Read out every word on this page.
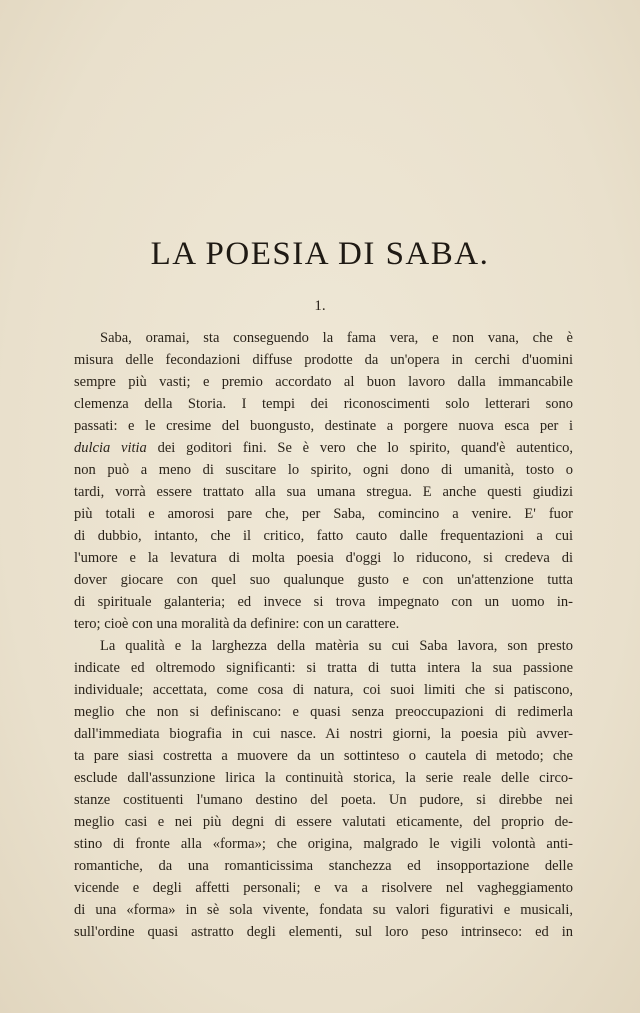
LA POESIA DI SABA.
1.
Saba, oramai, sta conseguendo la fama vera, e non vana, che è
misura delle fecondazioni diffuse prodotte da un'opera in cerchi d'uomini
sempre più vasti; e premio accordato al buon lavoro dalla immancabile
clemenza della Storia. I tempi dei riconoscimenti solo letterari sono
passati: e le cresime del buongusto, destinate a porgere nuova esca per i
dulcia vitia dei goditori fini. Se è vero che lo spirito, quand'è autentico,
non può a meno di suscitare lo spirito, ogni dono di umanità, tosto o
tardi, vorrà essere trattato alla sua umana stregua. E anche questi giudizi
più totali e amorosi pare che, per Saba, comincino a venire. E' fuor
di dubbio, intanto, che il critico, fatto cauto dalle frequentazioni a cui
l'umore e la levatura di molta poesia d'oggi lo riducono, si credeva di
dover giocare con quel suo qualunque gusto e con un'attenzione tutta
di spirituale galanteria; ed invece si trova impegnato con un uomo in-
tero; cioè con una moralità da definire: con un carattere.
La qualità e la larghezza della matèria su cui Saba lavora, son presto
indicate ed oltremodo significanti: si tratta di tutta intera la sua passione
individuale; accettata, come cosa di natura, coi suoi limiti che si patiscono,
meglio che non si definiscano: e quasi senza preoccupazioni di redimerla
dall'immediata biografia in cui nasce. Ai nostri giorni, la poesia più avver-
ta pare siasi costretta a muovere da un sottinteso o cautela di metodo; che
esclude dall'assunzione lirica la continuità storica, la serie reale delle circo-
stanze costituenti l'umano destino del poeta. Un pudore, si direbbe nei
meglio casi e nei più degni di essere valutati eticamente, del proprio de-
stino di fronte alla «forma»; che origina, malgrado le vigili volontà anti-
romantiche, da una romanticissima stanchezza ed insopportazione delle
vicende e degli affetti personali; e va a risolvere nel vagheggiamento
di una «forma» in sè sola vivente, fondata su valori figurativi e musicali,
sull'ordine quasi astratto degli elementi, sul loro peso intrinseco: ed in
